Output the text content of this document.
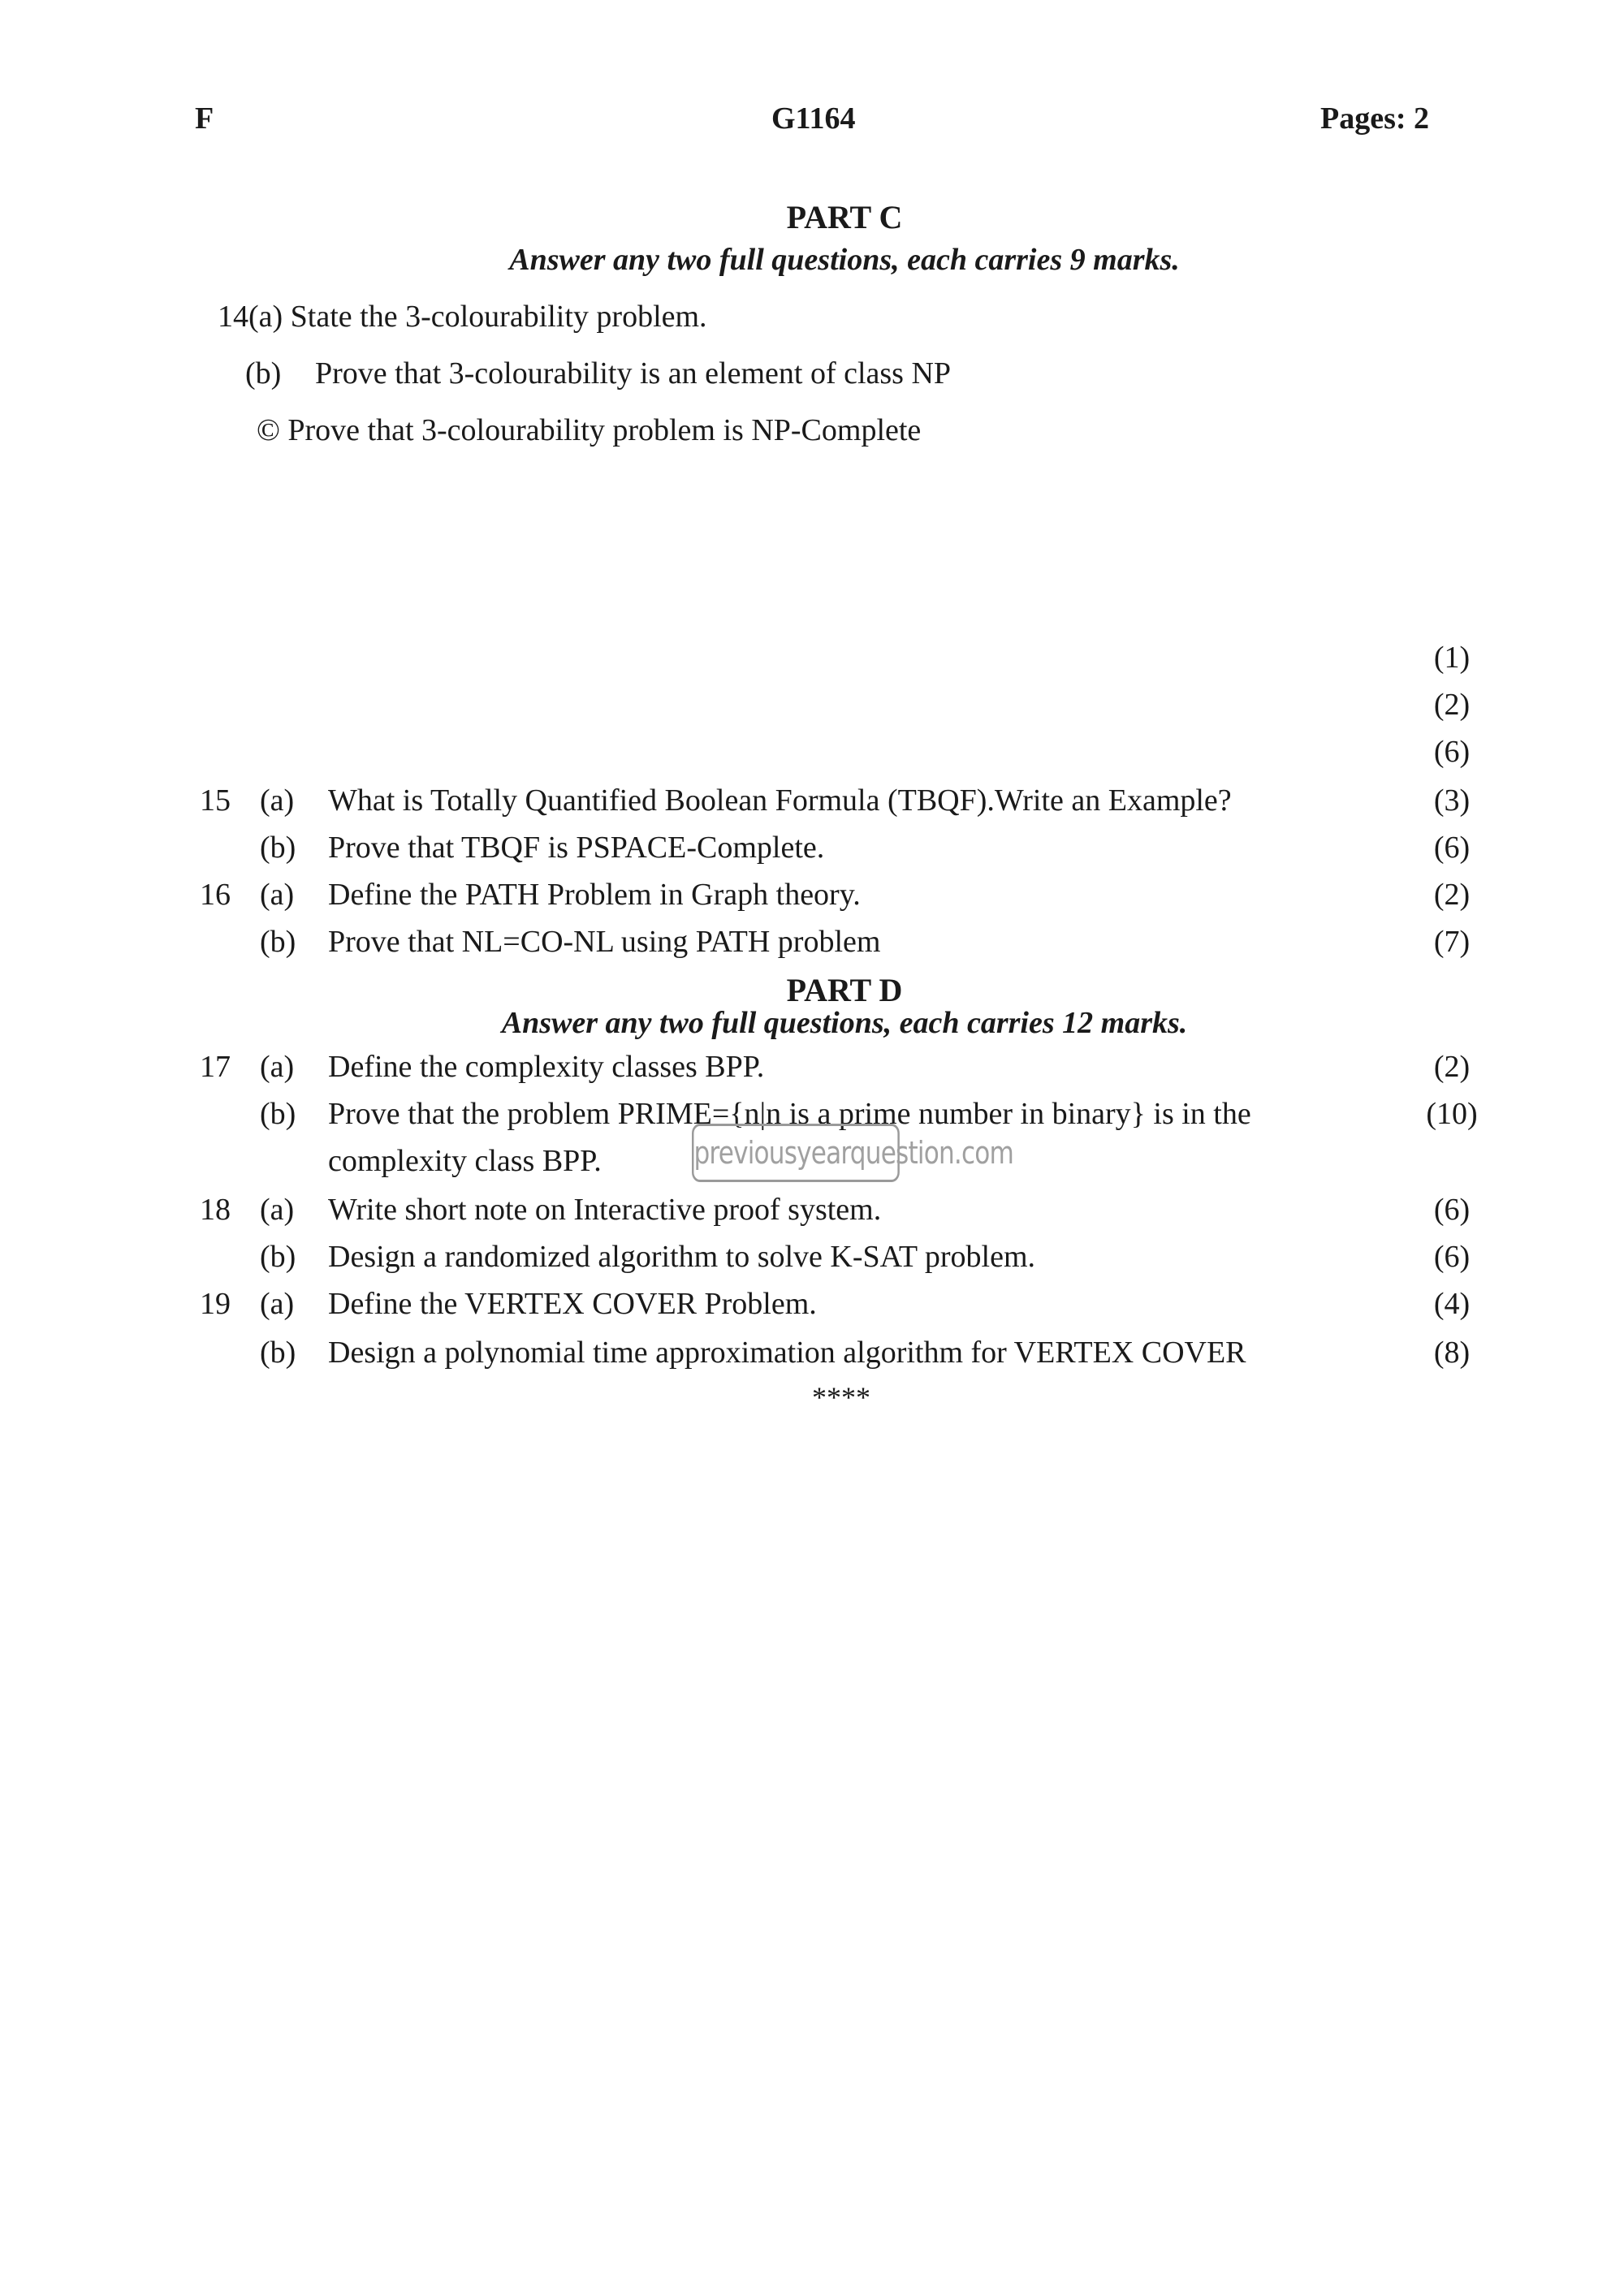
F	G1164	Pages: 2
PART C
Answer any two full questions, each carries 9 marks.
14(a) State the 3-colourability problem.
(b) Prove that 3-colourability is an element of class NP
© Prove that 3-colourability problem is NP-Complete
(1)
(2)
(6)
15 (a) What is Totally Quantified Boolean Formula (TBQF).Write an Example?	(3)
(b) Prove that TBQF is PSPACE-Complete.	(6)
16 (a) Define the PATH Problem in Graph theory.	(2)
(b) Prove that NL=CO-NL using PATH problem	(7)
PART D
Answer any two full questions, each carries 12 marks.
17 (a) Define the complexity classes BPP.	(2)
(b) Prove that the problem PRIME={n|n is a prime number in binary} is in the
complexity class BPP.
(10)
previousyearquestion.com
18 (a) Write short note on Interactive proof system.	(6)
(b) Design a randomized algorithm to solve K-SAT problem.	(6)
19 (a) Define the VERTEX COVER Problem.	(4)
(b) Design a polynomial time approximation algorithm for VERTEX COVER	(8)
****
